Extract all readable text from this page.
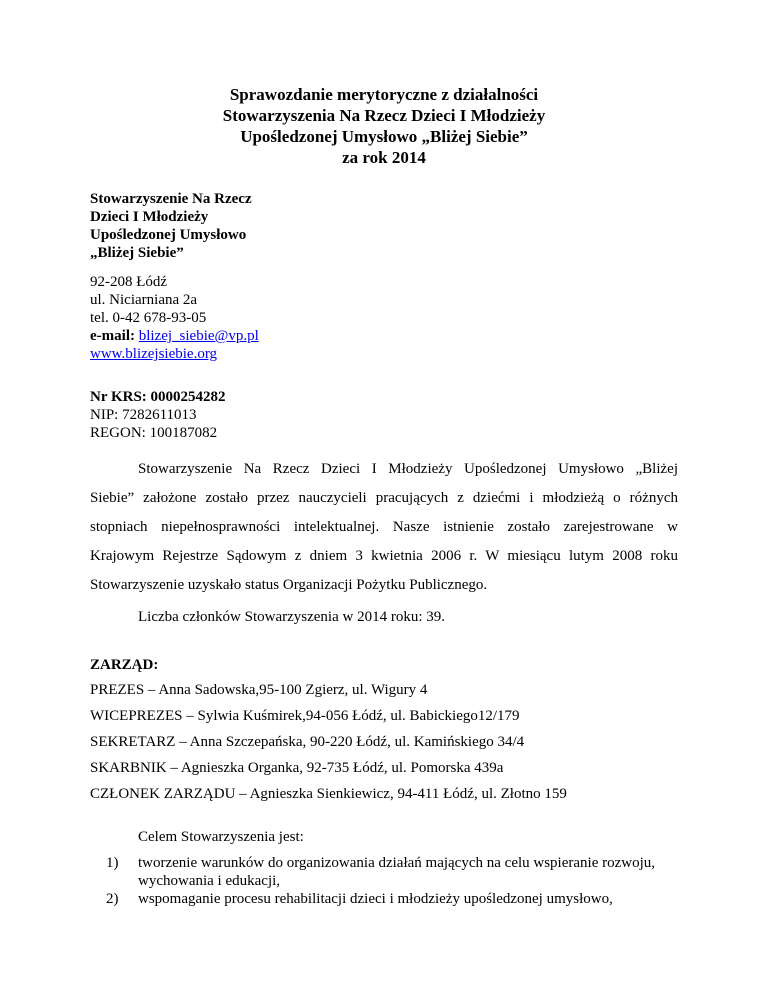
Sprawozdanie merytoryczne z działalności
Stowarzyszenia Na Rzecz Dzieci I Młodzieży
Upośledzonej Umysłowo „Bliżej Siebie”
za rok 2014
Stowarzyszenie Na Rzecz
Dzieci I Młodzieży
Upośledzonej Umysłowo
„Bliżej Siebie”
92-208 Łódź
ul. Niciarniana 2a
tel. 0-42 678-93-05
e-mail: blizej_siebie@vp.pl
www.blizejsiebie.org
Nr KRS: 0000254282
NIP: 7282611013
REGON: 100187082
Stowarzyszenie Na Rzecz Dzieci I Młodzieży Upośledzonej Umysłowo „Bliżej
Siebie” założone zostało przez nauczycieli pracujących z dziećmi i młodzieżą o różnych
stopniach niepełnosprawności intelektualnej. Nasze istnienie zostało zarejestrowane w
Krajowym Rejestrze Sądowym z dniem 3 kwietnia 2006 r. W miesiącu lutym 2008 roku
Stowarzyszenie uzyskało status Organizacji Pożytku Publicznego.
Liczba członków Stowarzyszenia w 2014 roku: 39.
ZARZĄD:
PREZES – Anna Sadowska,95-100 Zgierz, ul. Wigury 4
WICEPREZES – Sylwia Kuśmirek,94-056 Łódź, ul. Babickiego12/179
SEKRETARZ – Anna Szczepańska, 90-220 Łódź, ul. Kamińskiego 34/4
SKARBNIK – Agnieszka Organka, 92-735 Łódź, ul. Pomorska 439a
CZŁONEK ZARZĄDU – Agnieszka Sienkiewicz, 94-411 Łódź, ul. Złotno 159
Celem Stowarzyszenia jest:
1) tworzenie warunków do organizowania działań mających na celu wspieranie rozwoju,
wychowania i edukacji,
2) wspomaganie procesu rehabilitacji dzieci i młodzieży upośledzonej umysłowo,
